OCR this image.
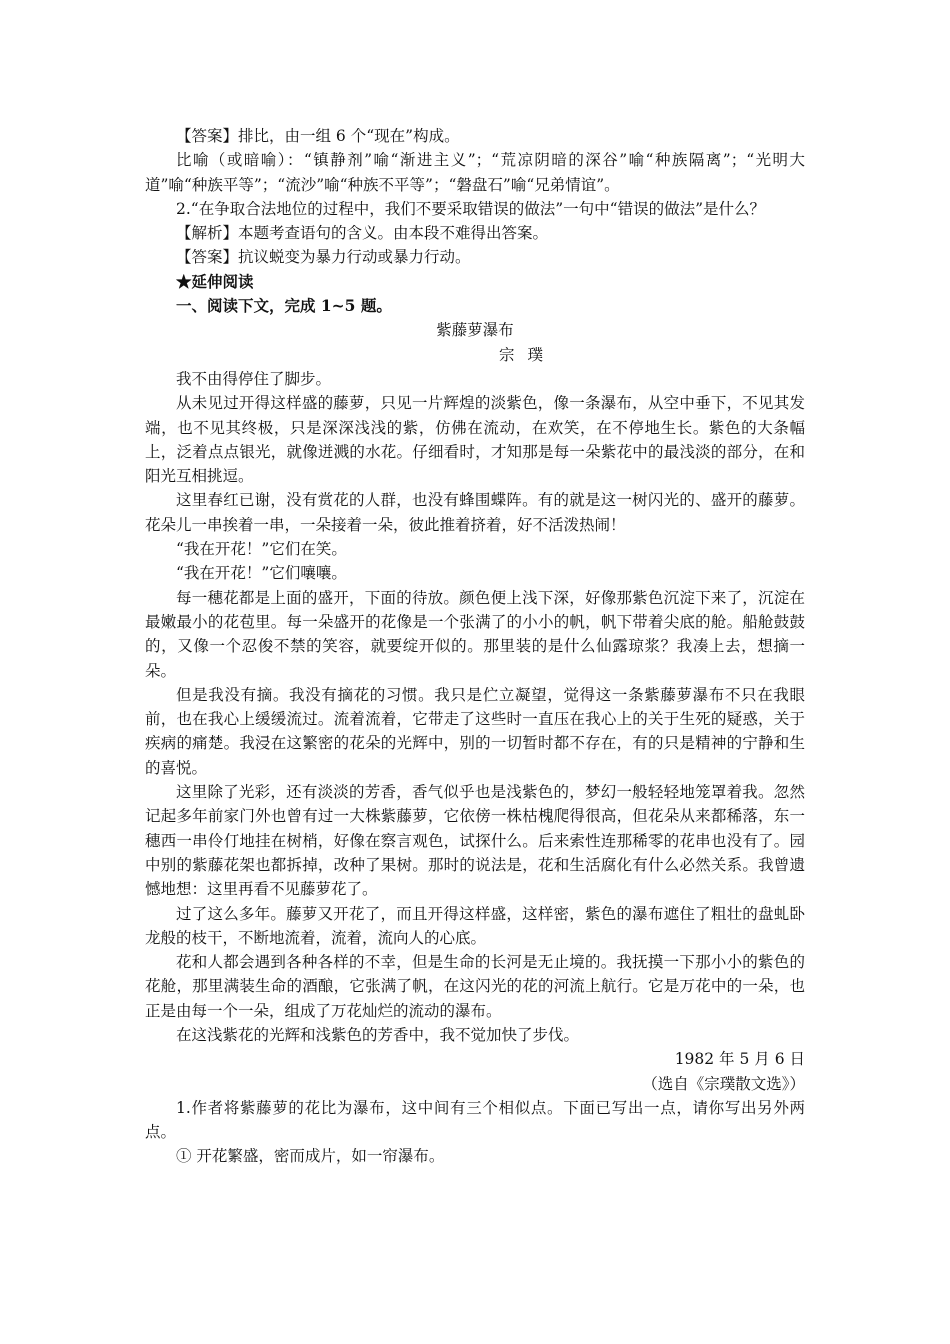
【答案】排比，由一组 6 个“现在”构成。

比喻（或暗喻）：“镇静剂”喻“渐进主义”；“荒凉阴暗的深谷”喻“种族隔离”；“光明大道”喻“种族平等”；“流沙”喻“种族不平等”；“磐盘石”喻“兄弟情谊”。

2.“在争取合法地位的过程中，我们不要采取错误的做法”一句中“错误的做法”是什么？

【解析】本题考查语句的含义。由本段不难得出答案。

【答案】抗议蜕变为暴力行动或暴力行动。

★延伸阅读

一、阅读下文，完成 1~5 题。

紫藤萝瀑布

宗 璞

我不由得停住了脚步。

从未见过开得这样盛的藤萝，只见一片辉煌的淡紫色，像一条瀑布，从空中垂下，不见其发端，也不见其终极，只是深深浅浅的紫，仿佛在流动，在欢笑，在不停地生长。紫色的大条幅上，泛着点点银光，就像迸溅的水花。仔细看时，才知那是每一朵紫花中的最浅淡的部分，在和阳光互相挑逗。

这里春红已谢，没有赏花的人群，也没有蜂围蝶阵。有的就是这一树闪光的、盛开的藤萝。花朵儿一串挨着一串，一朵接着一朵，彼此推着挤着，好不活泼热闹！

“我在开花！”它们在笑。

“我在开花！”它们嚷嚷。

每一穗花都是上面的盛开，下面的待放。颜色便上浅下深，好像那紫色沉淀下来了，沉淀在最嫩最小的花苞里。每一朵盛开的花像是一个张满了的小小的帆，帆下带着尖底的舱。船舱鼓鼓的，又像一个忍俊不禁的笑容，就要绽开似的。那里装的是什么仙露琼浆？我凑上去，想摘一朵。

但是我没有摘。我没有摘花的习惯。我只是伫立凝望，觉得这一条紫藤萝瀑布不只在我眼前，也在我心上缓缓流过。流着流着，它带走了这些时一直压在我心上的关于生死的疑惑，关于疾病的痛楚。我浸在这繁密的花朵的光辉中，别的一切暂时都不存在，有的只是精神的宁静和生的喜悦。

这里除了光彩，还有淡淡的芳香，香气似乎也是浅紫色的，梦幻一般轻轻地笼罩着我。忽然记起多年前家门外也曾有过一大株紫藤萝，它依傍一株枯槐爬得很高，但花朵从来都稀落，东一穗西一串伶仃地挂在树梢，好像在察言观色，试探什么。后来索性连那稀零的花串也没有了。园中别的紫藤花架也都拆掉，改种了果树。那时的说法是，花和生活腐化有什么必然关系。我曾遗憾地想：这里再看不见藤萝花了。

过了这么多年。藤萝又开花了，而且开得这样盛，这样密，紫色的瀑布遮住了粗壮的盘虬卧龙般的枝干，不断地流着，流着，流向人的心底。

花和人都会遇到各种各样的不幸，但是生命的长河是无止境的。我抚摸一下那小小的紫色的花舱，那里满装生命的酒酿，它张满了帆，在这闪光的花的河流上航行。它是万花中的一朵，也正是由每一个一朵，组成了万花灿烂的流动的瀑布。

在这浅紫花的光辉和浅紫色的芳香中，我不觉加快了步伐。

1982 年 5 月 6 日

（选自《宗璞散文选》）

1.作者将紫藤萝的花比为瀑布，这中间有三个相似点。下面已写出一点，请你写出另外两点。

① 开花繁盛，密而成片，如一帘瀑布。
